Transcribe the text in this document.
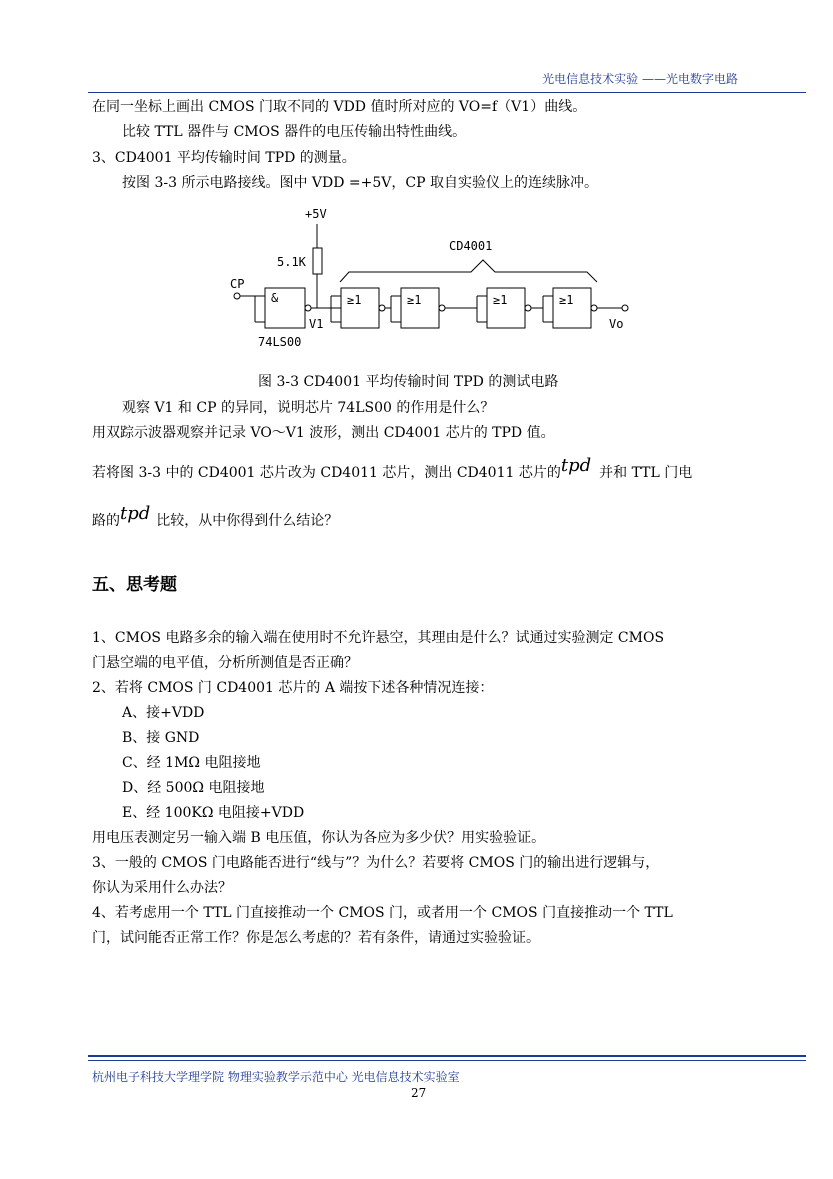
光电信息技术实验 ——光电数字电路
在同一坐标上画出 CMOS 门取不同的 VDD 值时所对应的 VO=f（V1）曲线。
比较 TTL 器件与 CMOS 器件的电压传输出特性曲线。
3、CD4001 平均传输时间 TPD 的测量。
按图 3-3 所示电路接线。图中 VDD =+5V，CP 取自实验仪上的连续脉冲。
+5V
5.1K
CD4001
CP
&
V1
74LS00
≥1	≥1	≥1	≥1
Vo
图 3-3 CD4001 平均传输时间 TPD 的测试电路
观察 V1 和 CP 的异同，说明芯片 74LS00 的作用是什么？
用双踪示波器观察并记录 VO～V1 波形，测出 CD4001 芯片的 TPD 值。
若将图 3-3 中的 CD4001 芯片改为 CD4011 芯片，测出 CD4011 芯片的tpd 并和 TTL 门电
路的tpd 比较，从中你得到什么结论？
五、思考题
1、CMOS 电路多余的输入端在使用时不允许悬空，其理由是什么？试通过实验测定 CMOS
门悬空端的电平值，分析所测值是否正确？
2、若将 CMOS 门 CD4001 芯片的 A 端按下述各种情况连接：
A、接+VDD
B、接 GND
C、经 1MΩ 电阻接地
D、经 500Ω 电阻接地
E、经 100KΩ 电阻接+VDD
用电压表测定另一输入端 B 电压值，你认为各应为多少伏？用实验验证。
3、一般的 CMOS 门电路能否进行“线与”？为什么？若要将 CMOS 门的输出进行逻辑与，
你认为采用什么办法？
4、若考虑用一个 TTL 门直接推动一个 CMOS 门，或者用一个 CMOS 门直接推动一个 TTL
门，试问能否正常工作？你是怎么考虑的？若有条件，请通过实验验证。
杭州电子科技大学理学院 物理实验教学示范中心 光电信息技术实验室
27
